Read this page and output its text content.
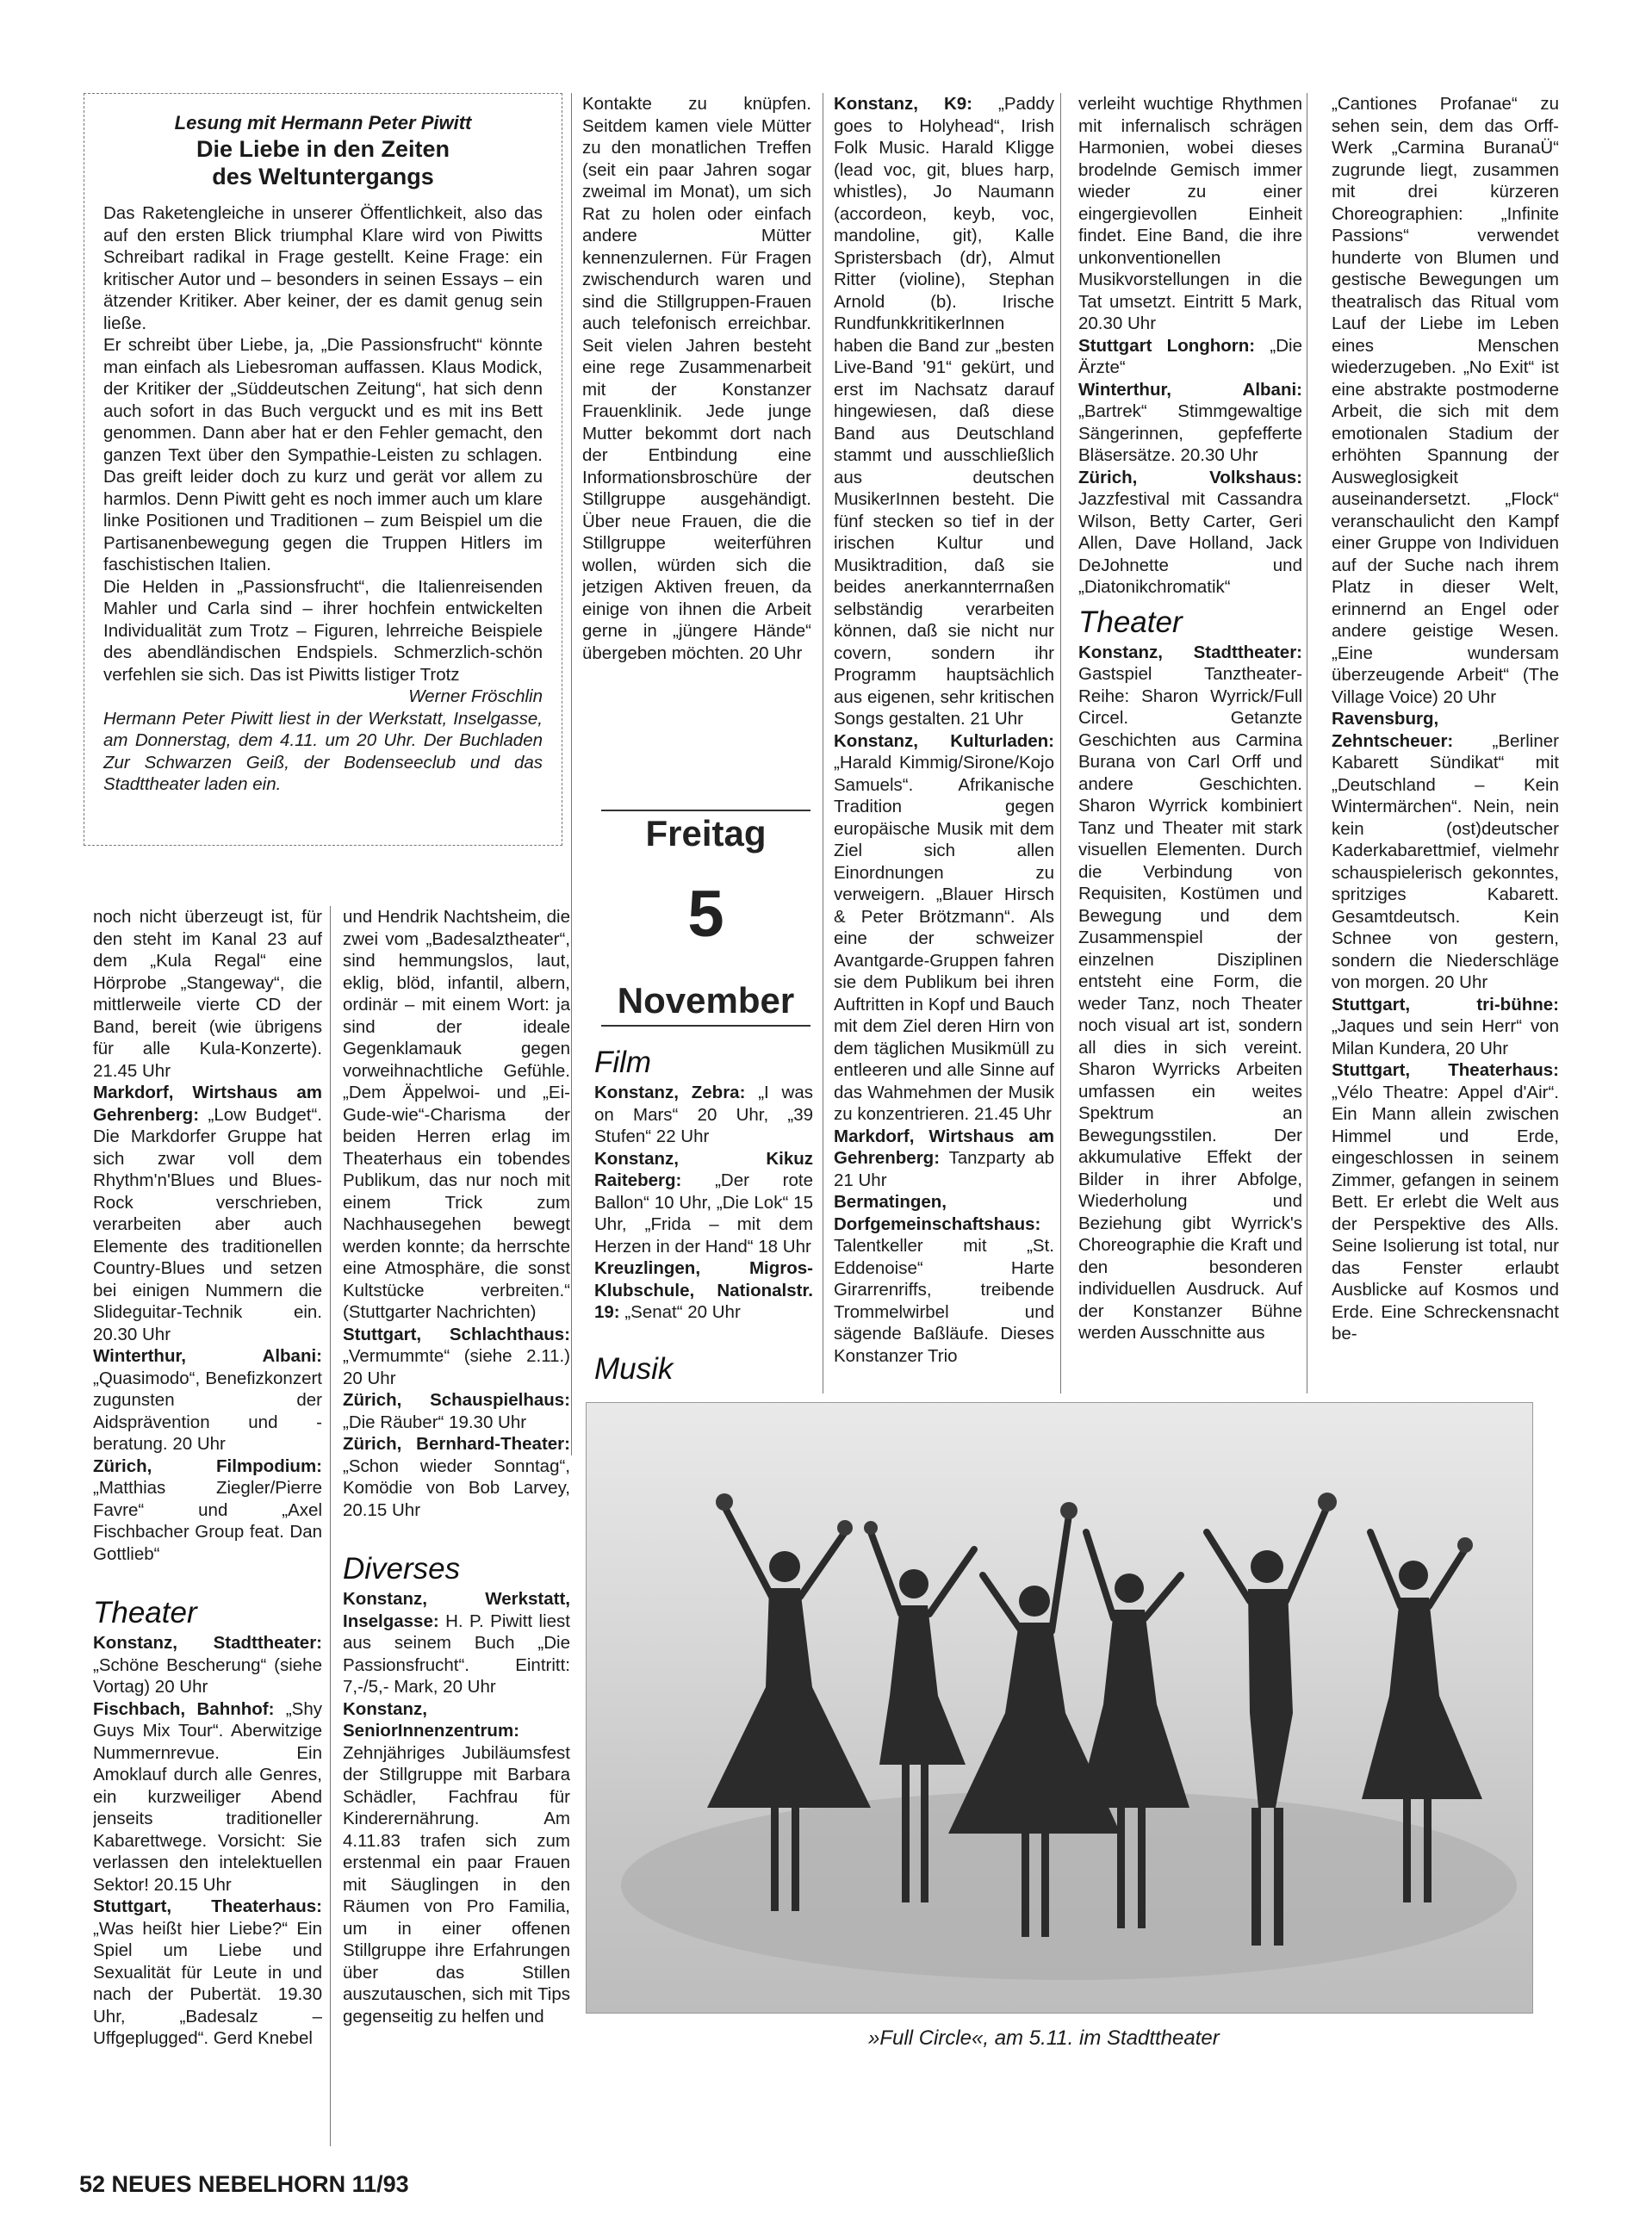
Lesung mit Hermann Peter Piwitt
Die Liebe in den Zeiten
des Weltuntergangs

Das Raketengleiche in unserer Öffentlichkeit, also das auf den ersten Blick triumphal Klare wird von Piwitts Schreibart radikal in Frage gestellt. Keine Frage: ein kritischer Autor und – besonders in seinen Essays – ein ätzender Kritiker. Aber keiner, der es damit genug sein ließe.

Er schreibt über Liebe, ja, „Die Passionsfrucht“ könnte man einfach als Liebesroman auffassen. Klaus Modick, der Kritiker der „Süddeutschen Zeitung“, hat sich denn auch sofort in das Buch verguckt und es mit ins Bett genommen. Dann aber hat er den Fehler gemacht, den ganzen Text über den Sympathie-Leisten zu schlagen. Das greift leider doch zu kurz und gerät vor allem zu harmlos. Denn Piwitt geht es noch immer auch um klare linke Positionen und Traditionen – zum Beispiel um die Partisanenbewegung gegen die Truppen Hitlers im faschistischen Italien.

Die Helden in „Passionsfrucht“, die Italienreisenden Mahler und Carla sind – ihrer hochfein entwickelten Individualität zum Trotz – Figuren, lehrreiche Beispiele des abendländischen Endspiels. Schmerzlich-schön verfehlen sie sich. Das ist Piwitts listiger Trotz

Werner Fröschlin

Hermann Peter Piwitt liest in der Werkstatt, Inselgasse, am Donnerstag, dem 4.11. um 20 Uhr. Der Buchladen Zur Schwarzen Geiß, der Bodenseeclub und das Stadttheater laden ein.

Kontakte zu knüpfen. Seitdem kamen viele Mütter zu den monatlichen Treffen (seit ein paar Jahren sogar zweimal im Monat), um sich Rat zu holen oder einfach andere Mütter kennenzulernen. Für Fragen zwischendurch waren und sind die Stillgruppen-Frauen auch telefonisch erreichbar. Seit vielen Jahren besteht eine rege Zusammenarbeit mit der Konstanzer Frauenklinik. Jede junge Mutter bekommt dort nach der Entbindung eine Informationsbroschüre der Stillgruppe ausgehändigt. Über neue Frauen, die die Stillgruppe weiterführen wollen, würden sich die jetzigen Aktiven freuen, da einige von ihnen die Arbeit gerne in „jüngere Hände“ übergeben möchten. 20 Uhr

Freitag
5
November
Film

Konstanz, Zebra: „I was on Mars“ 20 Uhr, „39 Stufen“ 22 Uhr

Konstanz, Kikuz Raiteberg: „Der rote Ballon“ 10 Uhr, „Die Lok“ 15 Uhr, „Frida – mit dem Herzen in der Hand“ 18 Uhr

Kreuzlingen, Migros-Klubschule, Nationalstr. 19: „Senat“ 20 Uhr

Musik

Konstanz, K9: „Paddy goes to Holyhead“, Irish Folk Music. Harald Kligge (lead voc, git, blues harp, whistles), Jo Naumann (accordeon, keyb, voc, mandoline, git), Kalle Spristersbach (dr), Almut Ritter (violine), Stephan Arnold (b). Irische Rundfunkkritikerlnnen haben die Band zur „besten Live-Band '91“ gekürt, und erst im Nachsatz darauf hingewiesen, daß diese Band aus Deutschland stammt und ausschließlich aus deutschen MusikerInnen besteht. Die fünf stecken so tief in der irischen Kultur und Musiktradition, daß sie beides anerkannterrnaßen selbständig verarbeiten können, daß sie nicht nur covern, sondern ihr Programm hauptsächlich aus eigenen, sehr kritischen Songs gestalten. 21 Uhr

Konstanz, Kulturladen: „Harald Kimmig/Sirone/Kojo Samuels“. Afrikanische Tradition gegen europäische Musik mit dem Ziel sich allen Einordnungen zu verweigern. „Blauer Hirsch & Peter Brötzmann“. Als eine der schweizer Avantgarde-Gruppen fahren sie dem Publikum bei ihren Auftritten in Kopf und Bauch mit dem Ziel deren Hirn von dem täglichen Musikmüll zu entleeren und alle Sinne auf das Wahmehmen der Musik zu konzentrieren. 21.45 Uhr

Markdorf, Wirtshaus am Gehrenberg: Tanzparty ab 21 Uhr

Bermatingen, Dorfgemeinschaftshaus: Talentkeller mit „St. Eddenoise“ Harte Girarrenriffs, treibende Trommelwirbel und sägende Baßläufe. Dieses Konstanzer Trio

verleiht wuchtige Rhythmen mit infernalisch schrägen Harmonien, wobei dieses brodelnde Gemisch immer wieder zu einer eingergievollen Einheit findet. Eine Band, die ihre unkonventionellen Musikvorstellungen in die Tat umsetzt. Eintritt 5 Mark, 20.30 Uhr

Stuttgart Longhorn: „Die Ärzte“

Winterthur, Albani: „Bartrek“ Stimmgewaltige Sängerinnen, gepfefferte Bläsersätze. 20.30 Uhr

Zürich, Volkshaus: Jazzfestival mit Cassandra Wilson, Betty Carter, Geri Allen, Dave Holland, Jack DeJohnette und „Diatonikchromatik“

Theater

Konstanz, Stadttheater: Gastspiel Tanztheater-Reihe: Sharon Wyrrick/Full Circel. Getanzte Geschichten aus Carmina Burana von Carl Orff und andere Geschichten. Sharon Wyrrick kombiniert Tanz und Theater mit stark visuellen Elementen. Durch die Verbindung von Requisiten, Kostümen und Bewegung und dem Zusammenspiel der einzelnen Disziplinen entsteht eine Form, die weder Tanz, noch Theater noch visual art ist, sondern all dies in sich vereint. Sharon Wyrricks Arbeiten umfassen ein weites Spektrum an Bewegungsstilen. Der akkumulative Effekt der Bilder in ihrer Abfolge, Wiederholung und Beziehung gibt Wyrrick's Choreographie die Kraft und den besonderen individuellen Ausdruck. Auf der Konstanzer Bühne werden Ausschnitte aus

„Cantiones Profanae“ zu sehen sein, dem das Orff-Werk „Carmina BuranaÜ“ zugrunde liegt, zusammen mit drei kürzeren Choreographien: „Infinite Passions“ verwendet hunderte von Blumen und gestische Bewegungen um theatralisch das Ritual vom Lauf der Liebe im Leben eines Menschen wiederzugeben. „No Exit“ ist eine abstrakte postmoderne Arbeit, die sich mit dem emotionalen Stadium der erhöhten Spannung der Ausweglosigkeit auseinandersetzt. „Flock“ veranschaulicht den Kampf einer Gruppe von Individuen auf der Suche nach ihrem Platz in dieser Welt, erinnernd an Engel oder andere geistige Wesen. „Eine wundersam überzeugende Arbeit“ (The Village Voice) 20 Uhr

Ravensburg, Zehntscheuer: „Berliner Kabarett Sündikat“ mit „Deutschland – Kein Wintermärchen“. Nein, nein kein (ost)deutscher Kaderkabarettmief, vielmehr schauspielerisch gekonntes, spritziges Kabarett. Gesamtdeutsch. Kein Schnee von gestern, sondern die Niederschläge von morgen. 20 Uhr

Stuttgart, tri-bühne: „Jaques und sein Herr“ von Milan Kundera, 20 Uhr

Stuttgart, Theaterhaus: „Vélo Theatre: Appel d'Air“. Ein Mann allein zwischen Himmel und Erde, eingeschlossen in seinem Zimmer, gefangen in seinem Bett. Er erlebt die Welt aus der Perspektive des Alls. Seine Isolierung ist total, nur das Fenster erlaubt Ausblicke auf Kosmos und Erde. Eine Schreckensnacht be-

noch nicht überzeugt ist, für den steht im Kanal 23 auf dem „Kula Regal“ eine Hörprobe „Stangeway“, die mittlerweile vierte CD der Band, bereit (wie übrigens für alle Kula-Konzerte). 21.45 Uhr

Markdorf, Wirtshaus am Gehrenberg: „Low Budget“. Die Markdorfer Gruppe hat sich zwar voll dem Rhythm'n'Blues und Blues-Rock verschrieben, verarbeiten aber auch Elemente des traditionellen Country-Blues und setzen bei einigen Nummern die Slideguitar-Technik ein. 20.30 Uhr

Winterthur, Albani: „Quasimodo“, Benefizkonzert zugunsten der Aidsprävention und -beratung. 20 Uhr

Zürich, Filmpodium: „Matthias Ziegler/Pierre Favre“ und „Axel Fischbacher Group feat. Dan Gottlieb“

Theater

Konstanz, Stadttheater: „Schöne Bescherung“ (siehe Vortag) 20 Uhr

Fischbach, Bahnhof: „Shy Guys Mix Tour“. Aberwitzige Nummernrevue. Ein Amoklauf durch alle Genres, ein kurzweiliger Abend jenseits traditioneller Kabarettwege. Vorsicht: Sie verlassen den intelektuellen Sektor! 20.15 Uhr

Stuttgart, Theaterhaus: „Was heißt hier Liebe?“ Ein Spiel um Liebe und Sexualität für Leute in und nach der Pubertät. 19.30 Uhr, „Badesalz – Uffgeplugged“. Gerd Knebel

und Hendrik Nachtsheim, die zwei vom „Badesalztheater“, sind hemmungslos, laut, eklig, blöd, infantil, albern, ordinär – mit einem Wort: ja sind der ideale Gegenklamauk gegen vorweihnachtliche Gefühle. „Dem Äppelwoi- und „Ei-Gude-wie“-Charisma der beiden Herren erlag im Theaterhaus ein tobendes Publikum, das nur noch mit einem Trick zum Nachhausegehen bewegt werden konnte; da herrschte eine Atmosphäre, die sonst Kultstücke verbreiten.“ (Stuttgarter Nachrichten)

Stuttgart, Schlachthaus: „Vermummte“ (siehe 2.11.) 20 Uhr

Zürich, Schauspielhaus: „Die Räuber“ 19.30 Uhr

Zürich, Bernhard-Theater: „Schon wieder Sonntag“, Komödie von Bob Larvey, 20.15 Uhr

Diverses

Konstanz, Werkstatt, Inselgasse: H. P. Piwitt liest aus seinem Buch „Die Passionsfrucht“. Eintritt: 7,-/5,- Mark, 20 Uhr

Konstanz, SeniorInnenzentrum: Zehnjähriges Jubiläumsfest der Stillgruppe mit Barbara Schädler, Fachfrau für Kinderernährung. Am 4.11.83 trafen sich zum erstenmal ein paar Frauen mit Säuglingen in den Räumen von Pro Familia, um in einer offenen Stillgruppe ihre Erfahrungen über das Stillen auszutauschen, sich mit Tips gegenseitig zu helfen und

»Full Circle«, am 5.11. im Stadttheater
52 NEUES NEBELHORN 11/93
